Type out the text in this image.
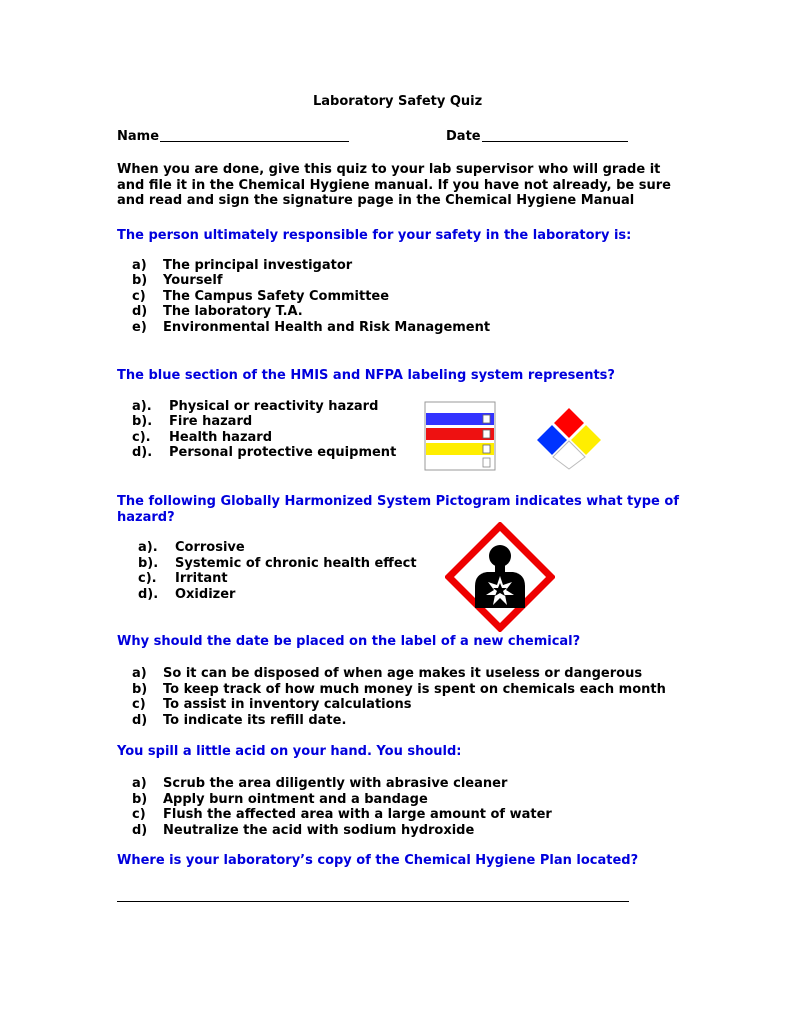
Laboratory Safety Quiz
Name	Date
When you are done, give this quiz to your lab supervisor who will grade it and file it in the Chemical Hygiene manual. If you have not already, be sure and read and sign the signature page in the Chemical Hygiene Manual
The person ultimately responsible for your safety in the laboratory is:
a) The principal investigator
b) Yourself
c) The Campus Safety Committee
d) The laboratory T.A.
e) Environmental Health and Risk Management
The blue section of the HMIS and NFPA labeling system represents?
a). Physical or reactivity hazard
b). Fire hazard
c). Health hazard
d). Personal protective equipment
The following Globally Harmonized System Pictogram indicates what type of
hazard?
a). Corrosive
b). Systemic of chronic health effect
c). Irritant
d). Oxidizer
Why should the date be placed on the label of a new chemical?
a) So it can be disposed of when age makes it useless or dangerous
b) To keep track of how much money is spent on chemicals each month
c) To assist in inventory calculations
d) To indicate its refill date.
You spill a little acid on your hand. You should:
a) Scrub the area diligently with abrasive cleaner
b) Apply burn ointment and a bandage
c) Flush the affected area with a large amount of water
d) Neutralize the acid with sodium hydroxide
Where is your laboratory’s copy of the Chemical Hygiene Plan located?
